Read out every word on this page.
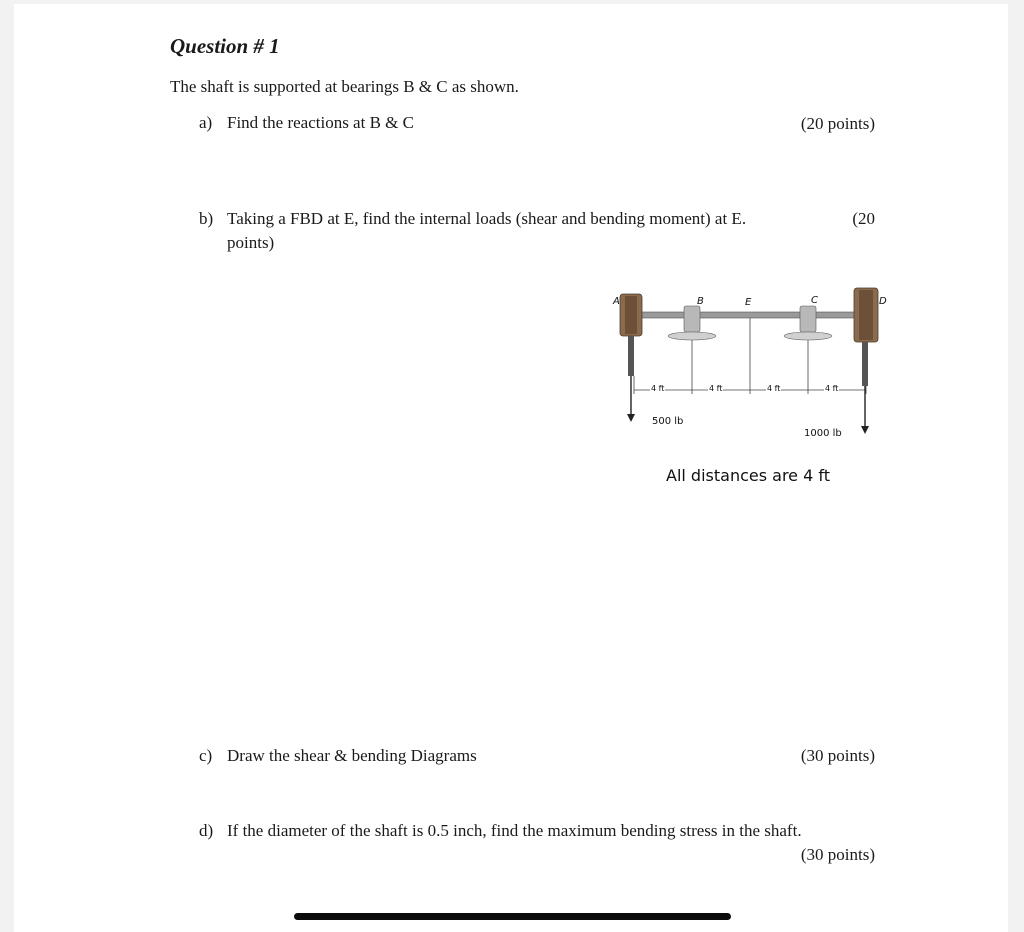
Question # 1
The shaft is supported at bearings B & C as shown.
a) Find the reactions at B & C	(20 points)
b) Taking a FBD at E, find the internal loads (shear and bending moment) at E.	(20
points)
A	B	E	C	D
4 ft	4 ft	4 ft	4 ft
500 lb
1000 lb
All distances are 4 ft
c) Draw the shear & bending Diagrams	(30 points)
d) If the diameter of the shaft is 0.5 inch, find the maximum bending stress in the shaft.
(30 points)
